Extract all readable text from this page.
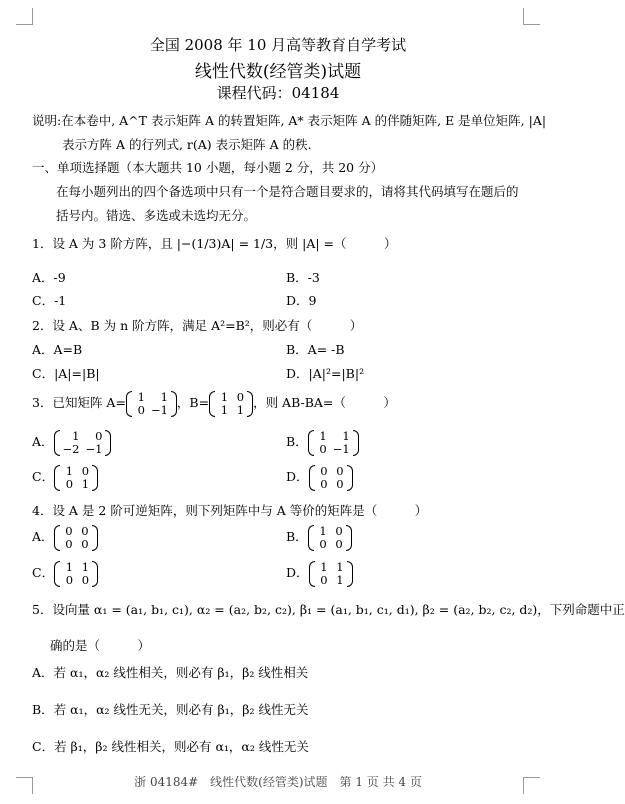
全国 2008 年 10 月高等教育自学考试
线性代数(经管类)试题
课程代码：04184
说明:在本卷中, A^T 表示矩阵 A 的转置矩阵, A* 表示矩阵 A 的伴随矩阵, E 是单位矩阵, |A|
表示方阵 A 的行列式, r(A) 表示矩阵 A 的秩.
一、单项选择题（本大题共 10 小题，每小题 2 分，共 20 分）
在每小题列出的四个备选项中只有一个是符合题目要求的，请将其代码填写在题后的
括号内。错选、多选或未选均无分。
1．设 A 为 3 阶方阵，且 |−(1/3)A| = 1/3，则 |A| =（　　　）
A．-9	B．-3
C．-1	D．9
2．设 A、B 为 n 阶方阵，满足 A²=B²，则必有（　　　）
A．A=B	B．A= -B
C．|A|=|B|	D．|A|²=|B|²
3．已知矩阵 A= 1	1
0	−1 ，B= 1	0
1	1 ，则 AB-BA=（　　　）
A． 1	0
−2	−1	B． 1	1
0	−1
C． 1	0
0	1	D． 0	0
0	0
4．设 A 是 2 阶可逆矩阵，则下列矩阵中与 A 等价的矩阵是（　　　）
A． 0	0
0	0	B． 1	0
0	0
C． 1	1
0	0	D． 1	1
0	1
5．设向量 α₁ = (a₁, b₁, c₁), α₂ = (a₂, b₂, c₂), β₁ = (a₁, b₁, c₁, d₁), β₂ = (a₂, b₂, c₂, d₂)，下列命题中正
确的是（　　　）
A．若 α₁，α₂ 线性相关，则必有 β₁，β₂ 线性相关
B．若 α₁，α₂ 线性无关，则必有 β₁，β₂ 线性无关
C．若 β₁，β₂ 线性相关，则必有 α₁，α₂ 线性无关
浙 04184#　线性代数(经管类)试题　第 1 页 共 4 页
